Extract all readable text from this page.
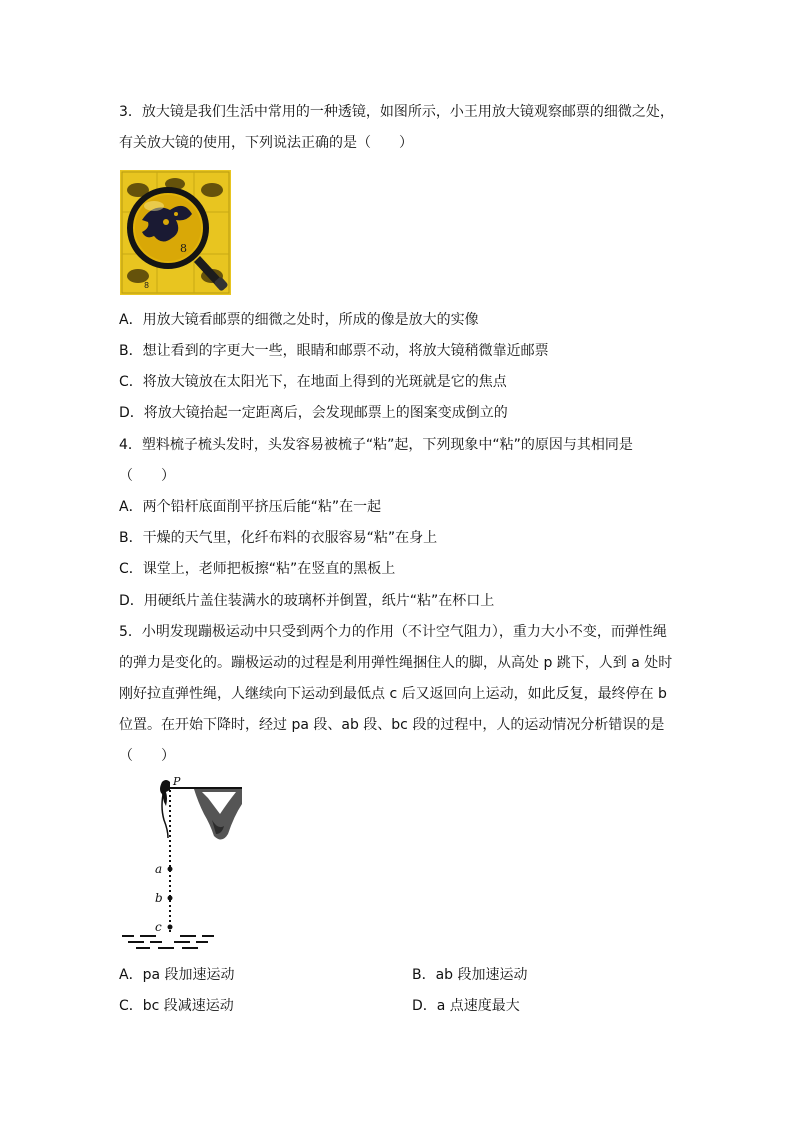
3．放大镜是我们生活中常用的一种透镜，如图所示，小王用放大镜观察邮票的细微之处，
有关放大镜的使用，下列说法正确的是（　　）
8
8
A．用放大镜看邮票的细微之处时，所成的像是放大的实像
B．想让看到的字更大一些，眼睛和邮票不动，将放大镜稍微靠近邮票
C．将放大镜放在太阳光下，在地面上得到的光斑就是它的焦点
D．将放大镜抬起一定距离后，会发现邮票上的图案变成倒立的
4．塑料梳子梳头发时，头发容易被梳子“粘”起，下列现象中“粘”的原因与其相同是
（　　）
A．两个铅杆底面削平挤压后能“粘”在一起
B．干燥的天气里，化纤布料的衣服容易“粘”在身上
C．课堂上，老师把板擦“粘”在竖直的黑板上
D．用硬纸片盖住装满水的玻璃杯并倒置，纸片“粘”在杯口上
5．小明发现蹦极运动中只受到两个力的作用（不计空气阻力），重力大小不变，而弹性绳
的弹力是变化的。蹦极运动的过程是利用弹性绳捆住人的脚，从高处 p 跳下，人到 a 处时
刚好拉直弹性绳，人继续向下运动到最低点 c 后又返回向上运动，如此反复，最终停在 b
位置。在开始下降时，经过 pa 段、ab 段、bc 段的过程中，人的运动情况分析错误的是
（　　）
P
a
b
c
A．pa 段加速运动	B．ab 段加速运动
C．bc 段减速运动	D．a 点速度最大
